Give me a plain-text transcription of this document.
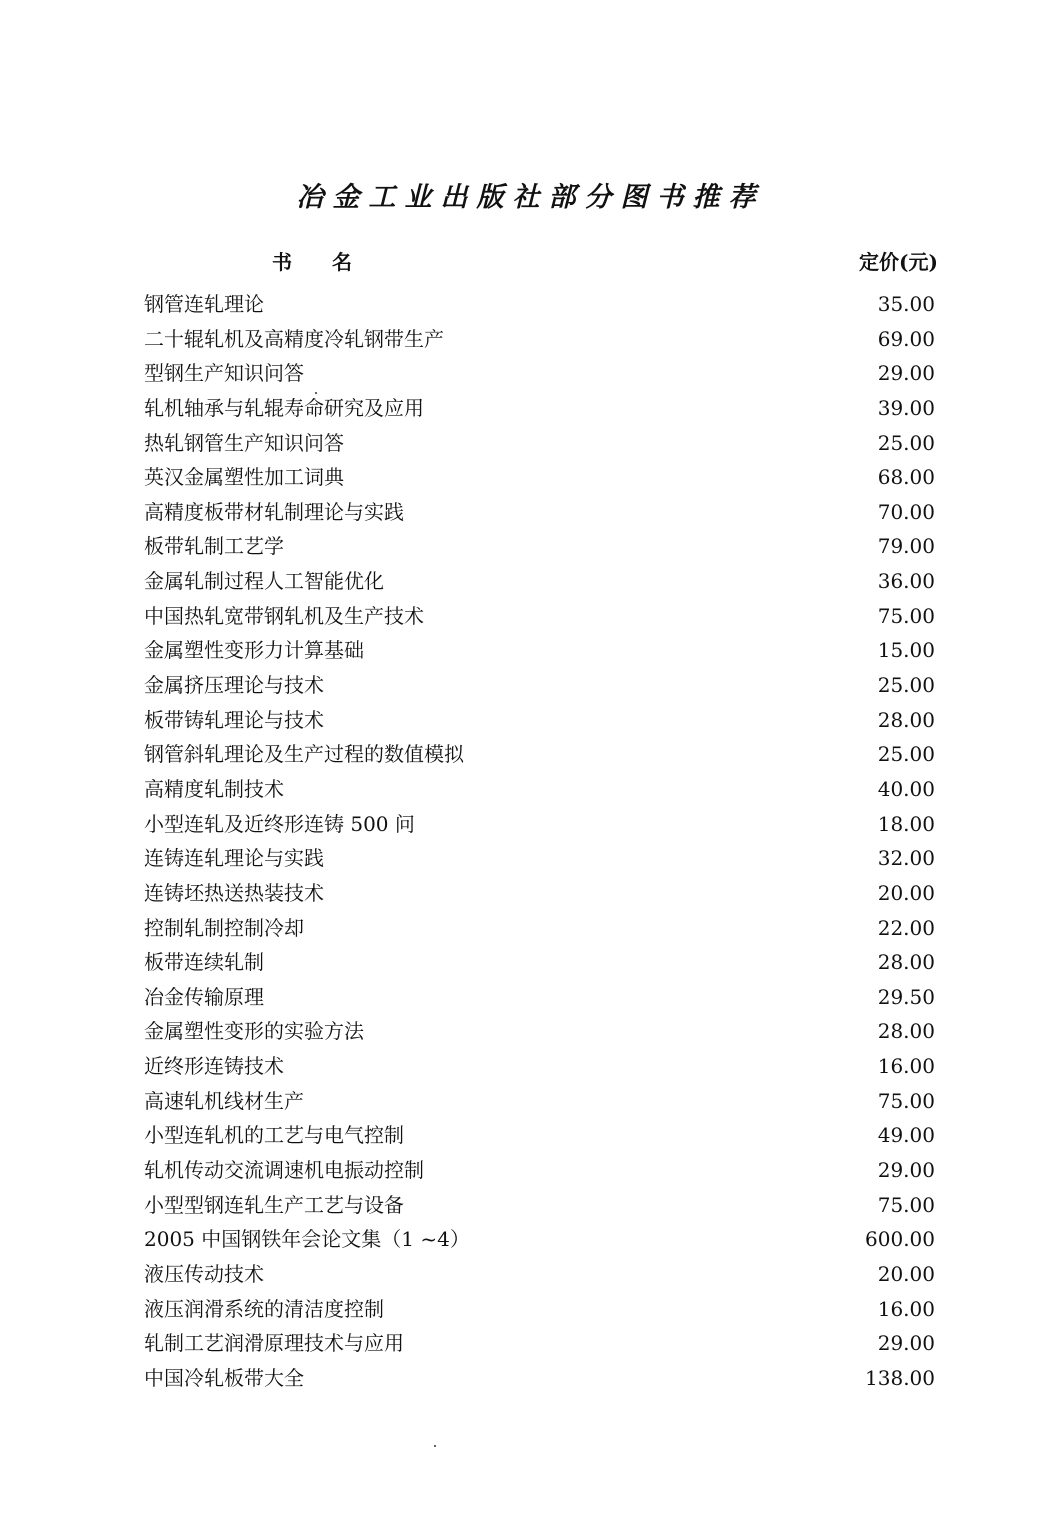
冶金工业出版社部分图书推荐
书名	定价(元)
钢管连轧理论	35.00
二十辊轧机及高精度冷轧钢带生产	69.00
型钢生产知识问答	29.00
轧机轴承与轧辊寿命研究及应用	39.00
热轧钢管生产知识问答	25.00
英汉金属塑性加工词典	68.00
高精度板带材轧制理论与实践	70.00
板带轧制工艺学	79.00
金属轧制过程人工智能优化	36.00
中国热轧宽带钢轧机及生产技术	75.00
金属塑性变形力计算基础	15.00
金属挤压理论与技术	25.00
板带铸轧理论与技术	28.00
钢管斜轧理论及生产过程的数值模拟	25.00
高精度轧制技术	40.00
小型连轧及近终形连铸 500 问	18.00
连铸连轧理论与实践	32.00
连铸坯热送热装技术	20.00
控制轧制控制冷却	22.00
板带连续轧制	28.00
冶金传输原理	29.50
金属塑性变形的实验方法	28.00
近终形连铸技术	16.00
高速轧机线材生产	75.00
小型连轧机的工艺与电气控制	49.00
轧机传动交流调速机电振动控制	29.00
小型型钢连轧生产工艺与设备	75.00
2005 中国钢铁年会论文集（1 ~4）	600.00
液压传动技术	20.00
液压润滑系统的清洁度控制	16.00
轧制工艺润滑原理技术与应用	29.00
中国冷轧板带大全	138.00
